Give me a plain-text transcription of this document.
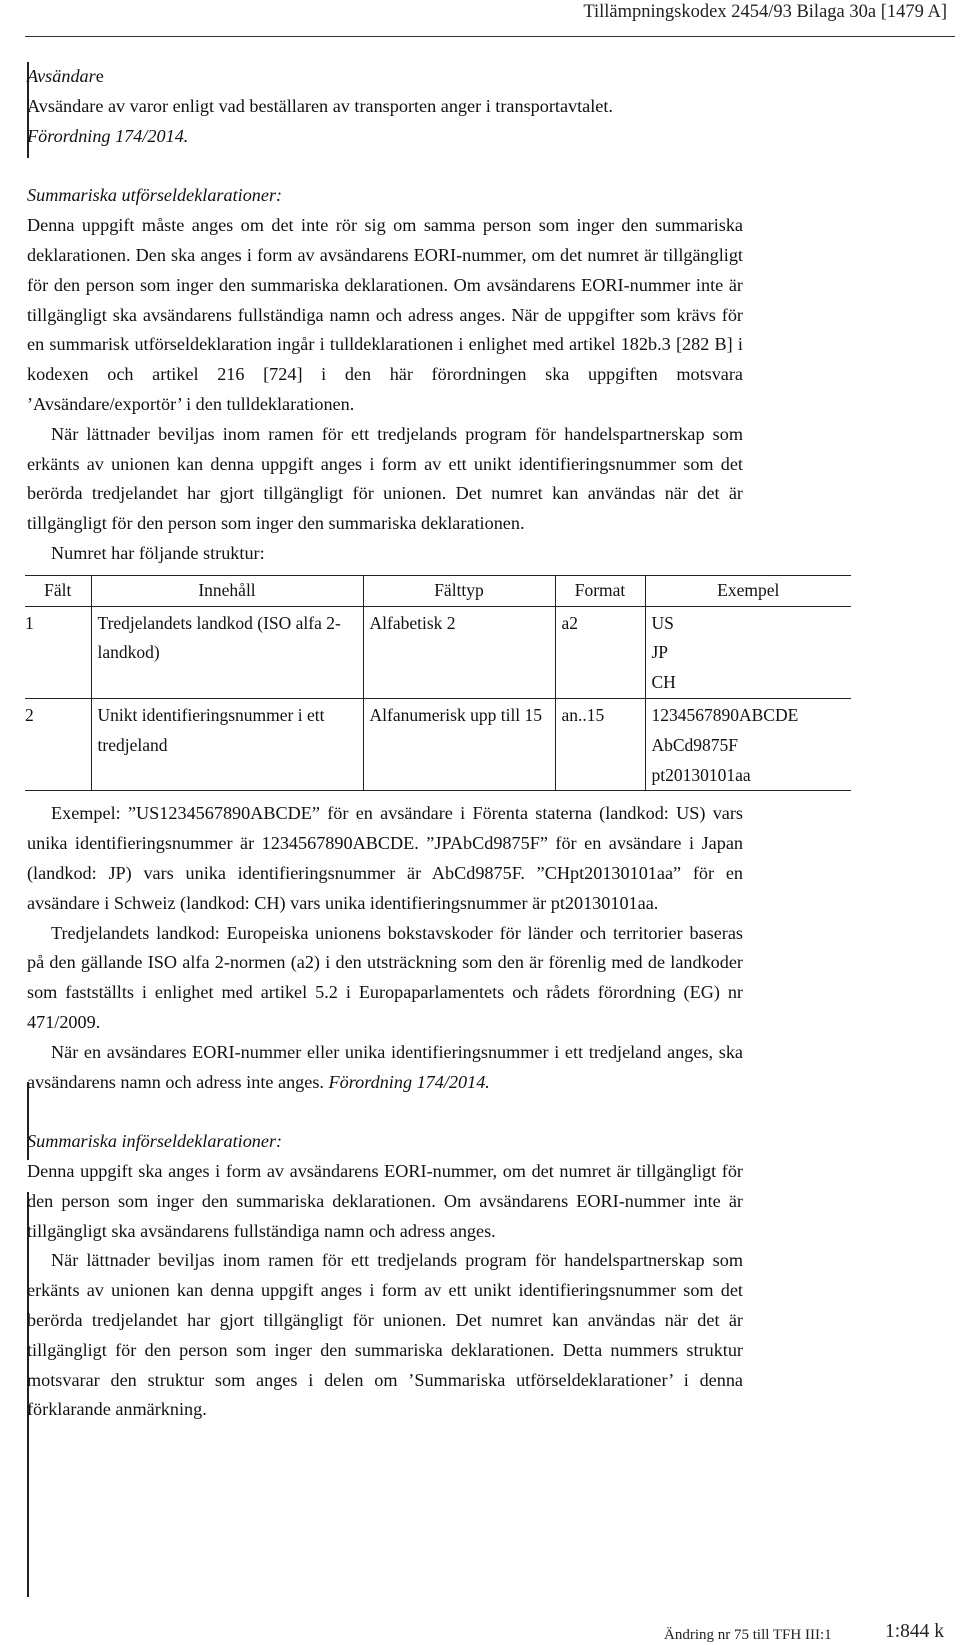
Tillämpningskodex 2454/93 Bilaga 30a [1479 A]

Avsändare

Avsändare av varor enligt vad beställaren av transporten anger i transportavtalet.

Förordning 174/2014.

Summariska utförseldeklarationer:

Denna uppgift måste anges om det inte rör sig om samma person som inger den summariska deklarationen. Den ska anges i form av avsändarens EORI-nummer, om det numret är tillgängligt för den person som inger den summariska deklarationen. Om avsändarens EORI-nummer inte är tillgängligt ska avsändarens fullständiga namn och adress anges. När de uppgifter som krävs för en summarisk utförseldeklaration ingår i tulldeklarationen i enlighet med artikel 182b.3 [282 B] i kodexen och artikel 216 [724] i den här förordningen ska uppgiften motsvara ’Avsändare/exportör’ i den tulldeklarationen.

När lättnader beviljas inom ramen för ett tredjelands program för handelspartnerskap som erkänts av unionen kan denna uppgift anges i form av ett unikt identifieringsnummer som det berörda tredjelandet har gjort tillgängligt för unionen. Det numret kan användas när det är tillgängligt för den person som inger den summariska deklarationen.

Numret har följande struktur:

Fält	Innehåll	Fälttyp	Format	Exempel
1	Tredjelandets landkod (ISO alfa 2-landkod)	Alfabetisk 2	a2	US
JP
CH

2	Unikt identifieringsnummer i ett tredjeland	Alfanumerisk upp till 15	an..15	1234567890ABCDE
AbCd9875F
pt20130101aa

Exempel: ”US1234567890ABCDE” för en avsändare i Förenta staterna (landkod: US) vars unika identifieringsnummer är 1234567890ABCDE. ”JPAbCd9875F” för en avsändare i Japan (landkod: JP) vars unika identifieringsnummer är AbCd9875F. ”CHpt20130101aa” för en avsändare i Schweiz (landkod: CH) vars unika identifieringsnummer är pt20130101aa.

Tredjelandets landkod: Europeiska unionens bokstavskoder för länder och territorier baseras på den gällande ISO alfa 2-normen (a2) i den utsträckning som den är förenlig med de landkoder som fastställts i enlighet med artikel 5.2 i Europaparlamentets och rådets förordning (EG) nr 471/2009.

När en avsändares EORI-nummer eller unika identifieringsnummer i ett tredjeland anges, ska avsändarens namn och adress inte anges. Förordning 174/2014.

Summariska införseldeklarationer:

Denna uppgift ska anges i form av avsändarens EORI-nummer, om det numret är tillgängligt för den person som inger den summariska deklarationen. Om avsändarens EORI-nummer inte är tillgängligt ska avsändarens fullständiga namn och adress anges.

När lättnader beviljas inom ramen för ett tredjelands program för handelspartnerskap som erkänts av unionen kan denna uppgift anges i form av ett unikt identifieringsnummer som det berörda tredjelandet har gjort tillgängligt för unionen. Det numret kan användas när det är tillgängligt för den person som inger den summariska deklarationen. Detta nummers struktur motsvarar den struktur som anges i delen om ’Summariska utförseldeklarationer’ i denna förklarande anmärkning.

Ändring nr 75 till TFH III:1	1:844 k
